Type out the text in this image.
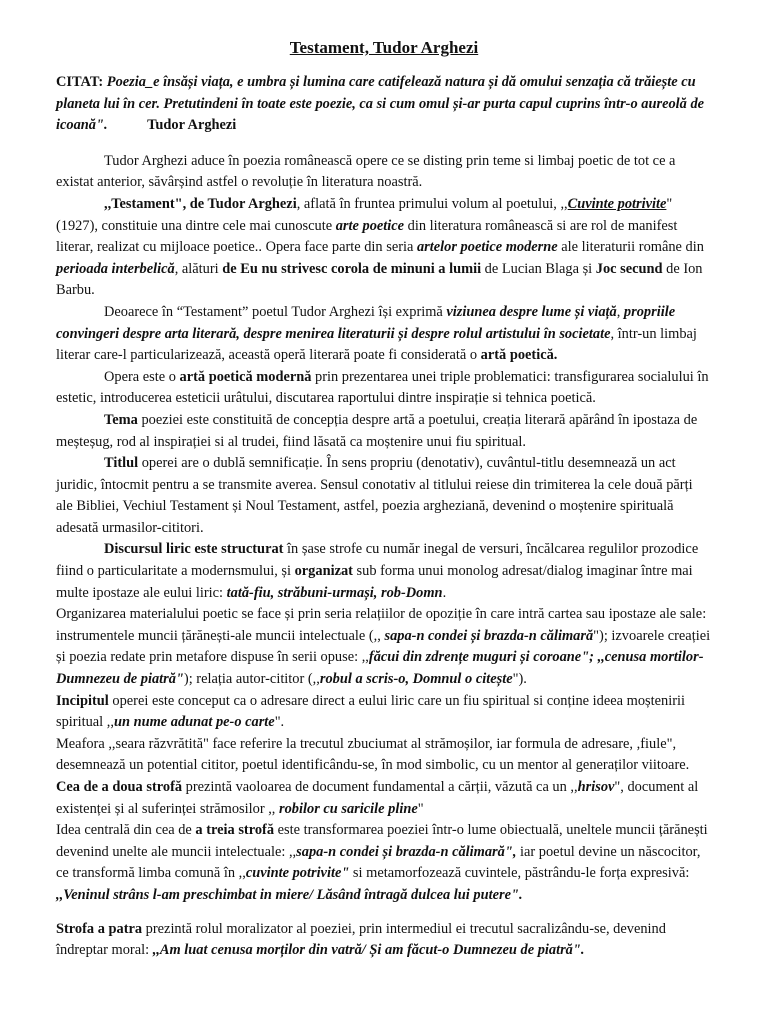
Testament, Tudor Arghezi

CITAT: Poezia_e însăși viața, e umbra și lumina care catifelează natura și dă omului senzația că trăiește cu planeta lui în cer. Pretutindeni în toate este poezie, ca si cum omul și-ar purta capul cuprins într-o aureolă de icoană".	Tudor Arghezi

Tudor Arghezi aduce în poezia românească opere ce se disting prin teme si limbaj poetic de tot ce a existat anterior, săvârșind astfel o revoluție în literatura noastră.

,,Testament", de Tudor Arghezi, aflată în fruntea primului volum al poetului, ,,Cuvinte potrivite" (1927), constituie una dintre cele mai cunoscute arte poetice din literatura românească si are rol de manifest literar, realizat cu mijloace poetice.. Opera face parte din seria artelor poetice moderne ale literaturii române din perioada interbelică, alături de Eu nu strivesc corola de minuni a lumii de Lucian Blaga și Joc secund de Ion Barbu.

Deoarece în “Testament” poetul Tudor Arghezi își exprimă viziunea despre lume și viață, propriile convingeri despre arta literară, despre menirea literaturii și despre rolul artistului în societate, într-un limbaj literar care-l particularizează, această operă literară poate fi considerată o artă poetică.

Opera este o artă poetică modernă prin prezentarea unei triple problematici: transfigurarea socialului în estetic, introducerea esteticii urâtului, discutarea raportului dintre inspirație si tehnica poetică.

Tema poeziei este constituită de concepția despre artă a poetului, creația literară apărând în ipostaza de meșteșug, rod al inspirației si al trudei, fiind lăsată ca moștenire unui fiu spiritual.

Titlul operei are o dublă semnificație. În sens propriu (denotativ), cuvântul-titlu desemnează un act juridic, întocmit pentru a se transmite averea. Sensul conotativ al titlului reiese din trimiterea la cele două părți ale Bibliei, Vechiul Testament și Noul Testament, astfel, poezia argheziană, devenind o moștenire spirituală adesată urmasilor-cititori.

Discursul liric este structurat în șase strofe cu număr inegal de versuri, încălcarea regulilor prozodice fiind o particularitate a modernsmului, și organizat sub forma unui monolog adresat/dialog imaginar între mai multe ipostaze ale eului liric: tată-fiu, străbuni-urmași, rob-Domn.

Organizarea materialului poetic se face și prin seria relațiilor de opoziție în care intră cartea sau ipostaze ale sale: instrumentele muncii țărănești-ale muncii intelectuale (,, sapa-n condei și brazda-n călimară"); izvoarele creației și poezia redate prin metafore dispuse în serii opuse: ,,făcui din zdrențe muguri și coroane"; ,,cenusa mortilor-Dumnezeu de piatră"); relația autor-cititor (,,robul a scris-o, Domnul o citește").

Incipitul operei este conceput ca o adresare direct a eului liric care un fiu spiritual si conține ideea moștenirii spiritual ,,un nume adunat pe-o carte".

Meafora ,,seara răzvrătită" face referire la trecutul zbuciumat al strămoșilor, iar formula de adresare, ,fiule", desemnează un potential cititor, poetul identificându-se, în mod simbolic, cu un mentor al generaților viitoare.

Cea de a doua strofă prezintă vaoloarea de document fundamental a cărții, văzută ca un ,,hrisov", document al existenței și al suferinței strămosilor ,, robilor cu saricile pline"

Idea centrală din cea de a treia strofă este transformarea poeziei într-o lume obiectuală, uneltele muncii țărănești devenind unelte ale muncii intelectuale: ,,sapa-n condei și brazda-n călimară", iar poetul devine un născocitor, ce transformă limba comună în ,,cuvinte potrivite" si metamorfozează cuvintele, păstrându-le forța expresivă: ,,Veninul strâns l-am preschimbat in miere/ Lăsând întragă dulcea lui putere".

Strofa a patra prezintă rolul moralizator al poeziei, prin intermediul ei trecutul sacralizându-se, devenind îndreptar moral: ,,Am luat cenusa morților din vatră/ Și am făcut-o Dumnezeu de piatră".
